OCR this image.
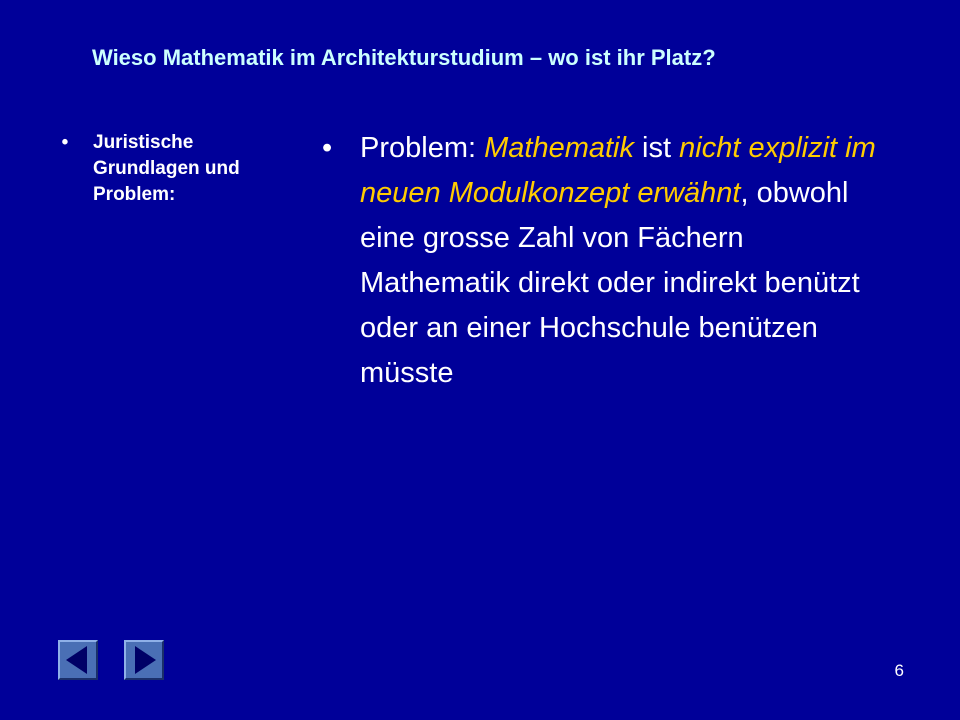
Wieso Mathematik im Architekturstudium – wo ist ihr Platz?
• Juristische Grundlagen und Problem:
• Problem: Mathematik ist nicht explizit im neuen Modulkonzept erwähnt, obwohl eine grosse Zahl von Fächern Mathematik direkt oder indirekt benützt oder an einer Hochschule benützen müsste
6
